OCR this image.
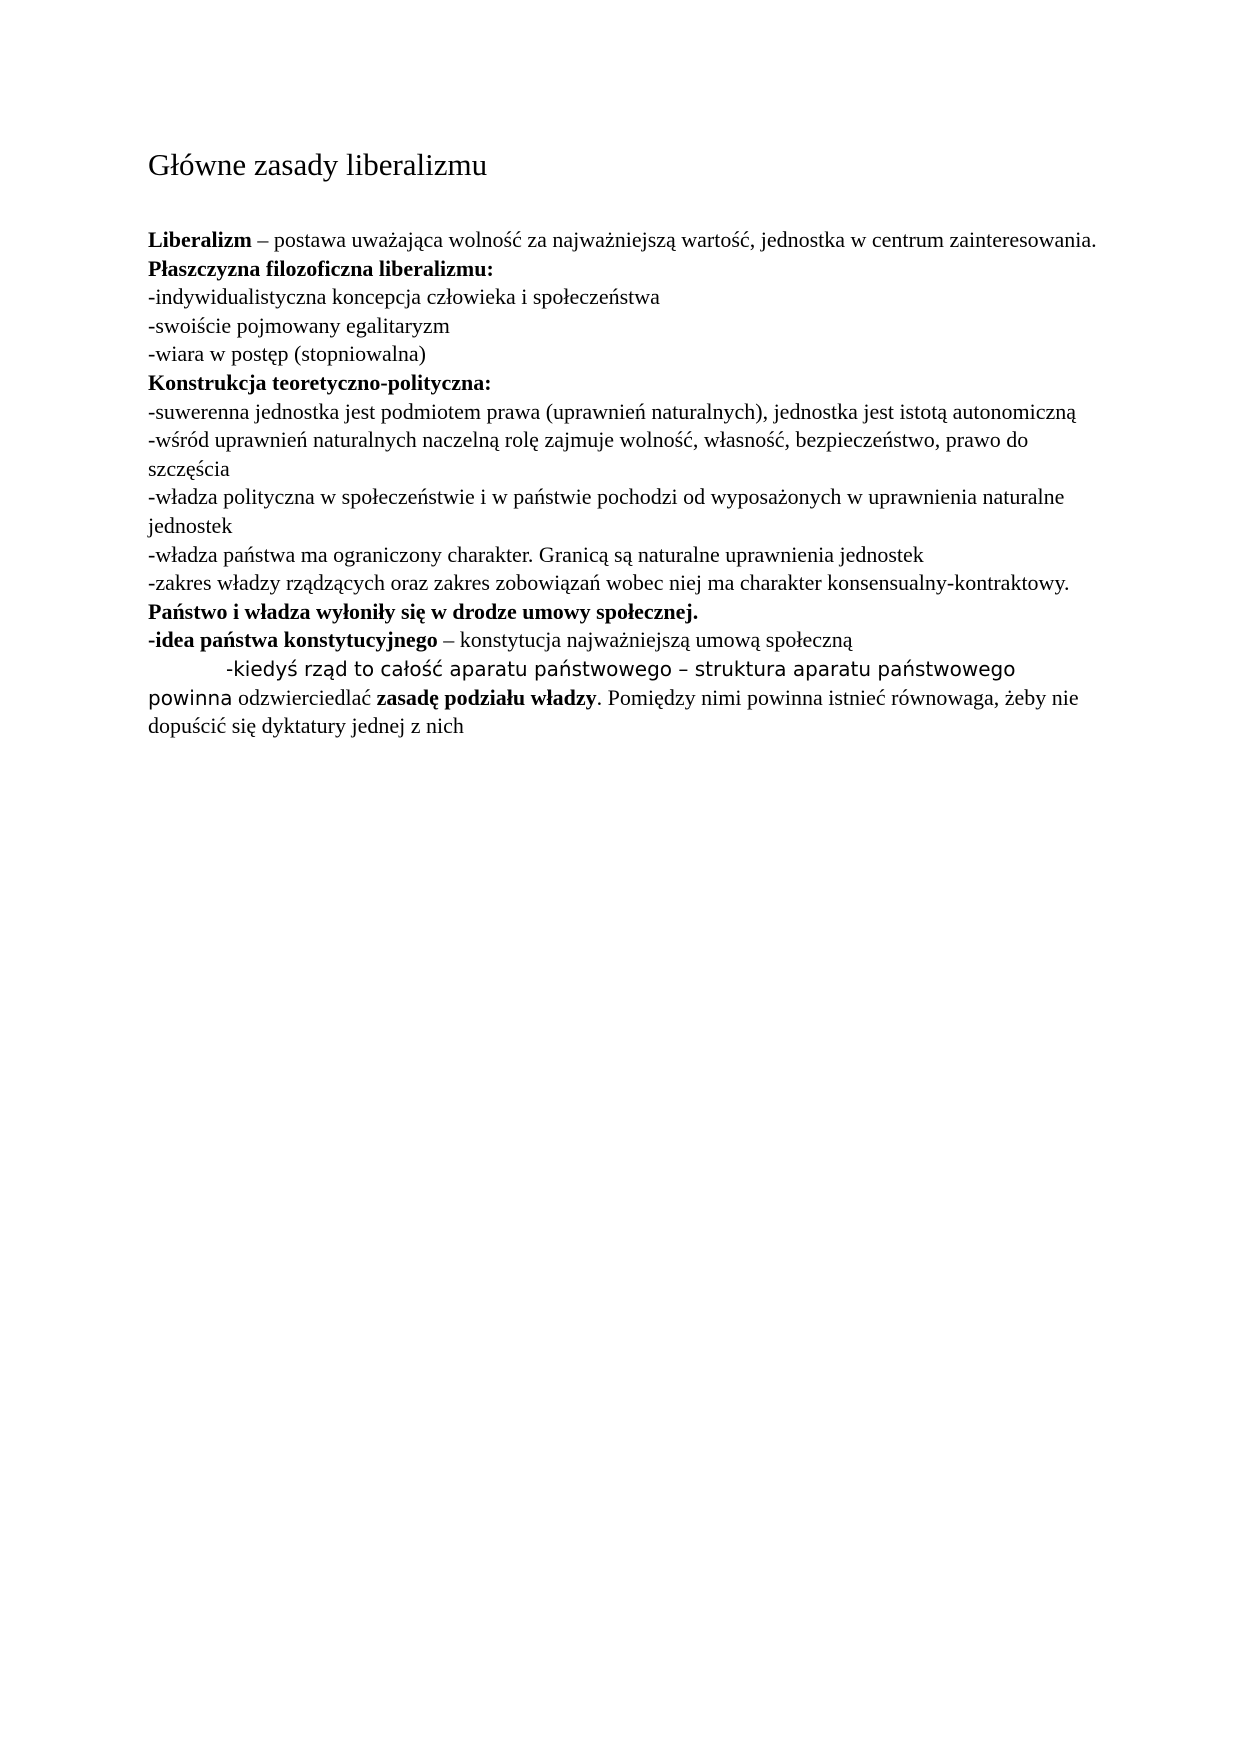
Główne zasady liberalizmu

Liberalizm – postawa uważająca wolność za najważniejszą wartość, jednostka w centrum zainteresowania.

Płaszczyzna filozoficzna liberalizmu:

-indywidualistyczna koncepcja człowieka i społeczeństwa

-swoiście pojmowany egalitaryzm

-wiara w postęp (stopniowalna)

Konstrukcja teoretyczno-polityczna:

-suwerenna jednostka jest podmiotem prawa (uprawnień naturalnych), jednostka jest istotą autonomiczną

-wśród uprawnień naturalnych naczelną rolę zajmuje wolność, własność, bezpieczeństwo, prawo do szczęścia

-władza polityczna w społeczeństwie i w państwie pochodzi od wyposażonych w uprawnienia naturalne jednostek

-władza państwa ma ograniczony charakter. Granicą są naturalne uprawnienia jednostek

-zakres władzy rządzących oraz zakres zobowiązań wobec niej ma charakter konsensualny-kontraktowy.

Państwo i władza wyłoniły się w drodze umowy społecznej.

-idea państwa konstytucyjnego – konstytucja najważniejszą umową społeczną

-kiedyś rząd to całość aparatu państwowego – struktura aparatu państwowego powinna odzwierciedlać zasadę podziału władzy. Pomiędzy nimi powinna istnieć równowaga, żeby nie dopuścić się dyktatury jednej z nich
